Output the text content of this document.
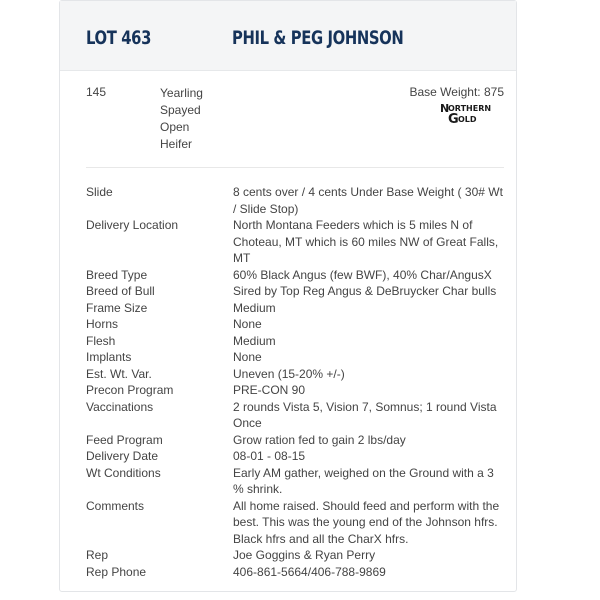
LOT 463	PHIL & PEG JOHNSON
145	Yearling
Spayed
Open
Heifer
Base Weight: 875
N
ORTHERN
G OLD
Slide	8 cents over / 4 cents Under Base Weight ( 30# Wt / Slide Stop)
Delivery Location	North Montana Feeders which is 5 miles N of Choteau, MT which is 60 miles NW of Great Falls, MT
Breed Type	60% Black Angus (few BWF), 40% Char/AngusX
Breed of Bull	Sired by Top Reg Angus & DeBruycker Char bulls
Frame Size	Medium
Horns	None
Flesh	Medium
Implants	None
Est. Wt. Var.	Uneven (15-20% +/-)
Precon Program	PRE-CON 90
Vaccinations	2 rounds Vista 5, Vision 7, Somnus; 1 round Vista Once
Feed Program	Grow ration fed to gain 2 lbs/day
Delivery Date	08-01 - 08-15
Wt Conditions	Early AM gather, weighed on the Ground with a 3 % shrink.
Comments	All home raised. Should feed and perform with the best. This was the young end of the Johnson hfrs. Black hfrs and all the CharX hfrs.
Rep	Joe Goggins & Ryan Perry
Rep Phone	406-861-5664/406-788-9869
